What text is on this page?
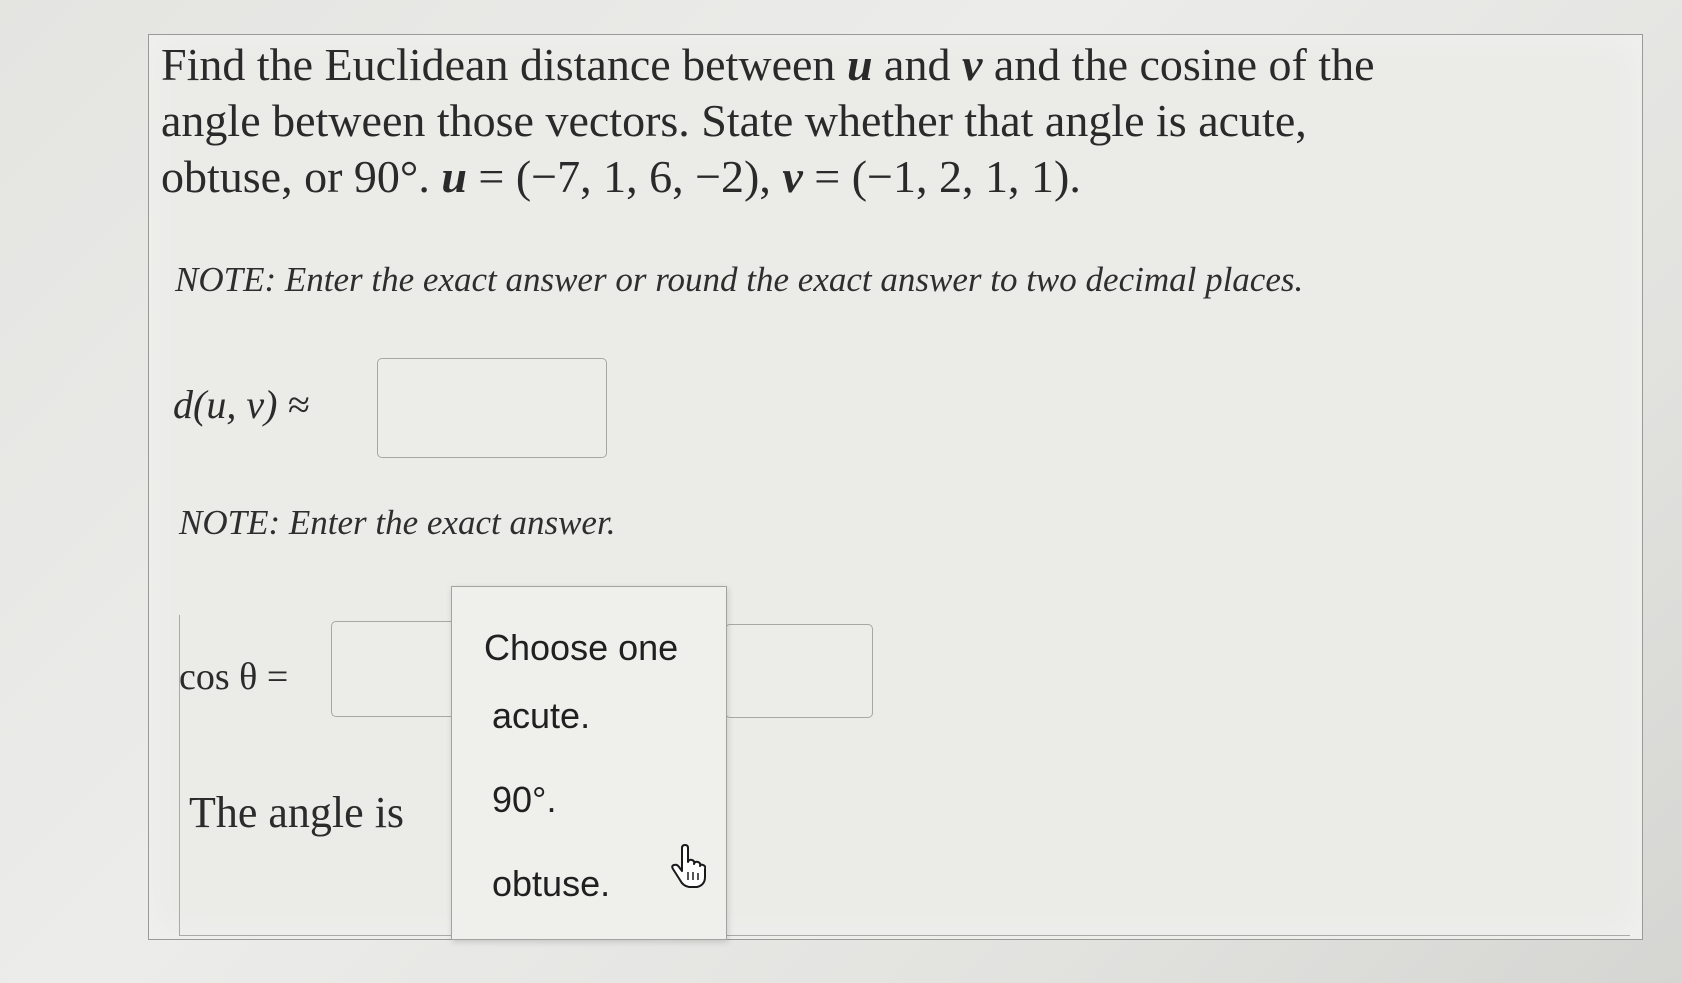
Find the Euclidean distance between u and v and the cosine of the
angle between those vectors. State whether that angle is acute,
obtuse, or 90°. u = (−7, 1, 6, −2), v = (−1, 2, 1, 1).
NOTE: Enter the exact answer or round the exact answer to two decimal places.
d(u, v) ≈
NOTE: Enter the exact answer.
cos θ =
The angle is
Choose one
acute.
90°.
obtuse.
